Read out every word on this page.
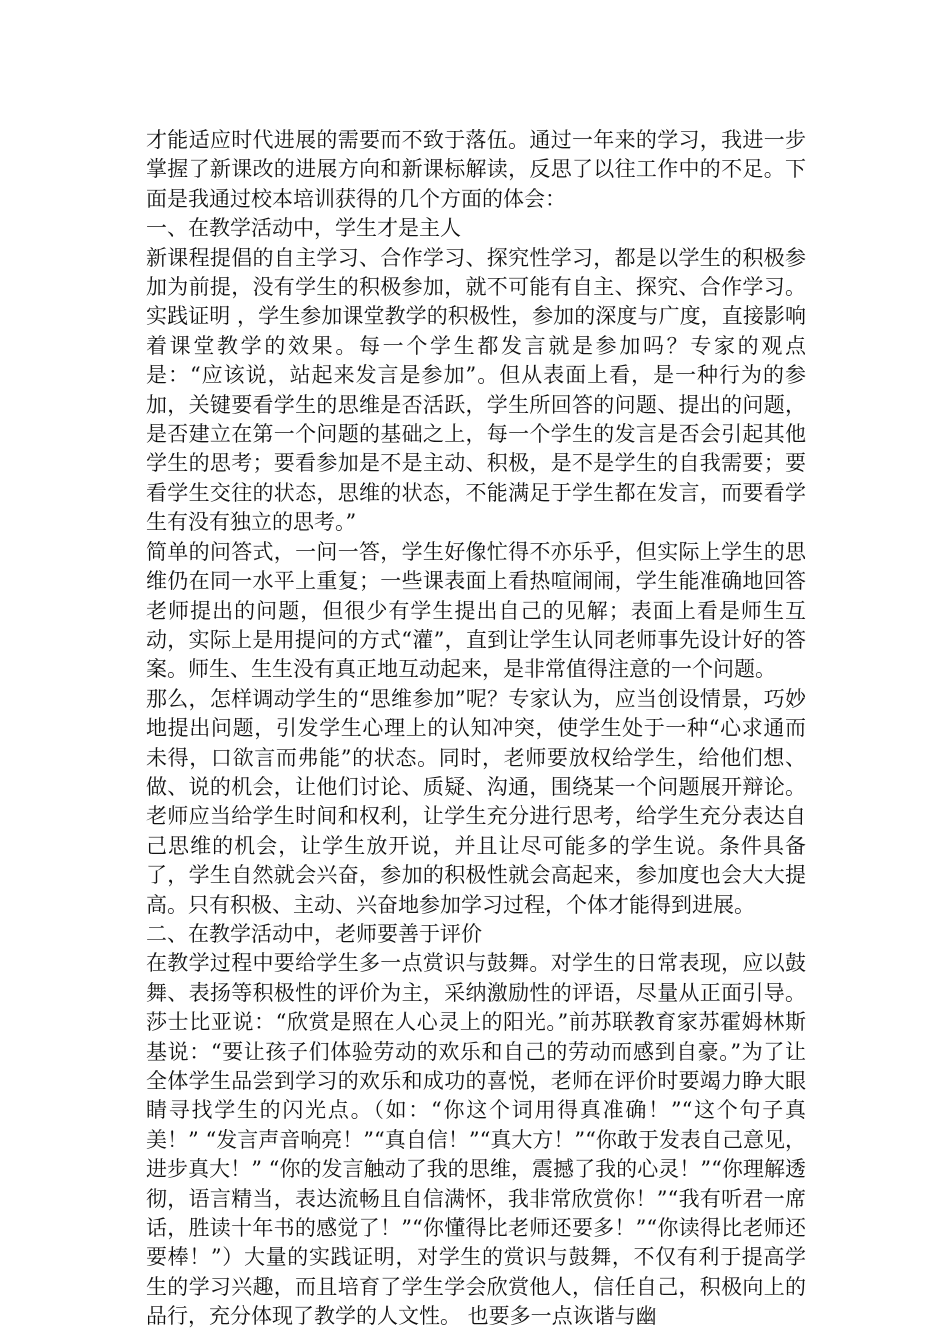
才能适应时代进展的需要而不致于落伍。通过一年来的学习，我进一步掌握了新课改的进展方向和新课标解读，反思了以往工作中的不足。下面是我通过校本培训获得的几个方面的体会：

一、在教学活动中，学生才是主人

新课程提倡的自主学习、合作学习、探究性学习，都是以学生的积极参加为前提，没有学生的积极参加，就不可能有自主、探究、合作学习。实践证明 ，学生参加课堂教学的积极性，参加的深度与广度，直接影响着课堂教学的效果。每一个学生都发言就是参加吗？专家的观点是：“应该说，站起来发言是参加”。但从表面上看，是一种行为的参加，关键要看学生的思维是否活跃，学生所回答的问题、提出的问题，是否建立在第一个问题的基础之上，每一个学生的发言是否会引起其他学生的思考；要看参加是不是主动、积极，是不是学生的自我需要；要看学生交往的状态，思维的状态，不能满足于学生都在发言，而要看学生有没有独立的思考。”

简单的问答式，一问一答，学生好像忙得不亦乐乎，但实际上学生的思维仍在同一水平上重复；一些课表面上看热喧闹闹，学生能准确地回答老师提出的问题，但很少有学生提出自己的见解；表面上看是师生互动，实际上是用提问的方式“灌”，直到让学生认同老师事先设计好的答案。师生、生生没有真正地互动起来，是非常值得注意的一个问题。

那么，怎样调动学生的“思维参加”呢？专家认为，应当创设情景，巧妙地提出问题，引发学生心理上的认知冲突，使学生处于一种“心求通而未得，口欲言而弗能”的状态。同时，老师要放权给学生，给他们想、做、说的机会，让他们讨论、质疑、沟通，围绕某一个问题展开辩论。老师应当给学生时间和权利，让学生充分进行思考，给学生充分表达自己思维的机会，让学生放开说，并且让尽可能多的学生说。条件具备了，学生自然就会兴奋，参加的积极性就会高起来，参加度也会大大提高。只有积极、主动、兴奋地参加学习过程，个体才能得到进展。

二、在教学活动中，老师要善于评价

在教学过程中要给学生多一点赏识与鼓舞。对学生的日常表现，应以鼓舞、表扬等积极性的评价为主，采纳激励性的评语，尽量从正面引导。莎士比亚说：“欣赏是照在人心灵上的阳光。”前苏联教育家苏霍姆林斯基说：“要让孩子们体验劳动的欢乐和自己的劳动而感到自豪。”为了让全体学生品尝到学习的欢乐和成功的喜悦，老师在评价时要竭力睁大眼睛寻找学生的闪光点。（如：“你这个词用得真准确！”“这个句子真美！” “发言声音响亮！”“真自信！”“真大方！”“你敢于发表自己意见，进步真大！” “你的发言触动了我的思维，震撼了我的心灵！”“你理解透彻，语言精当，表达流畅且自信满怀，我非常欣赏你！”“我有听君一席话，胜读十年书的感觉了！”“你懂得比老师还要多！”“你读得比老师还要棒！”）大量的实践证明，对学生的赏识与鼓舞，不仅有利于提高学生的学习兴趣，而且培育了学生学会欣赏他人，信任自己，积极向上的品行，充分体现了教学的人文性。 也要多一点诙谐与幽
